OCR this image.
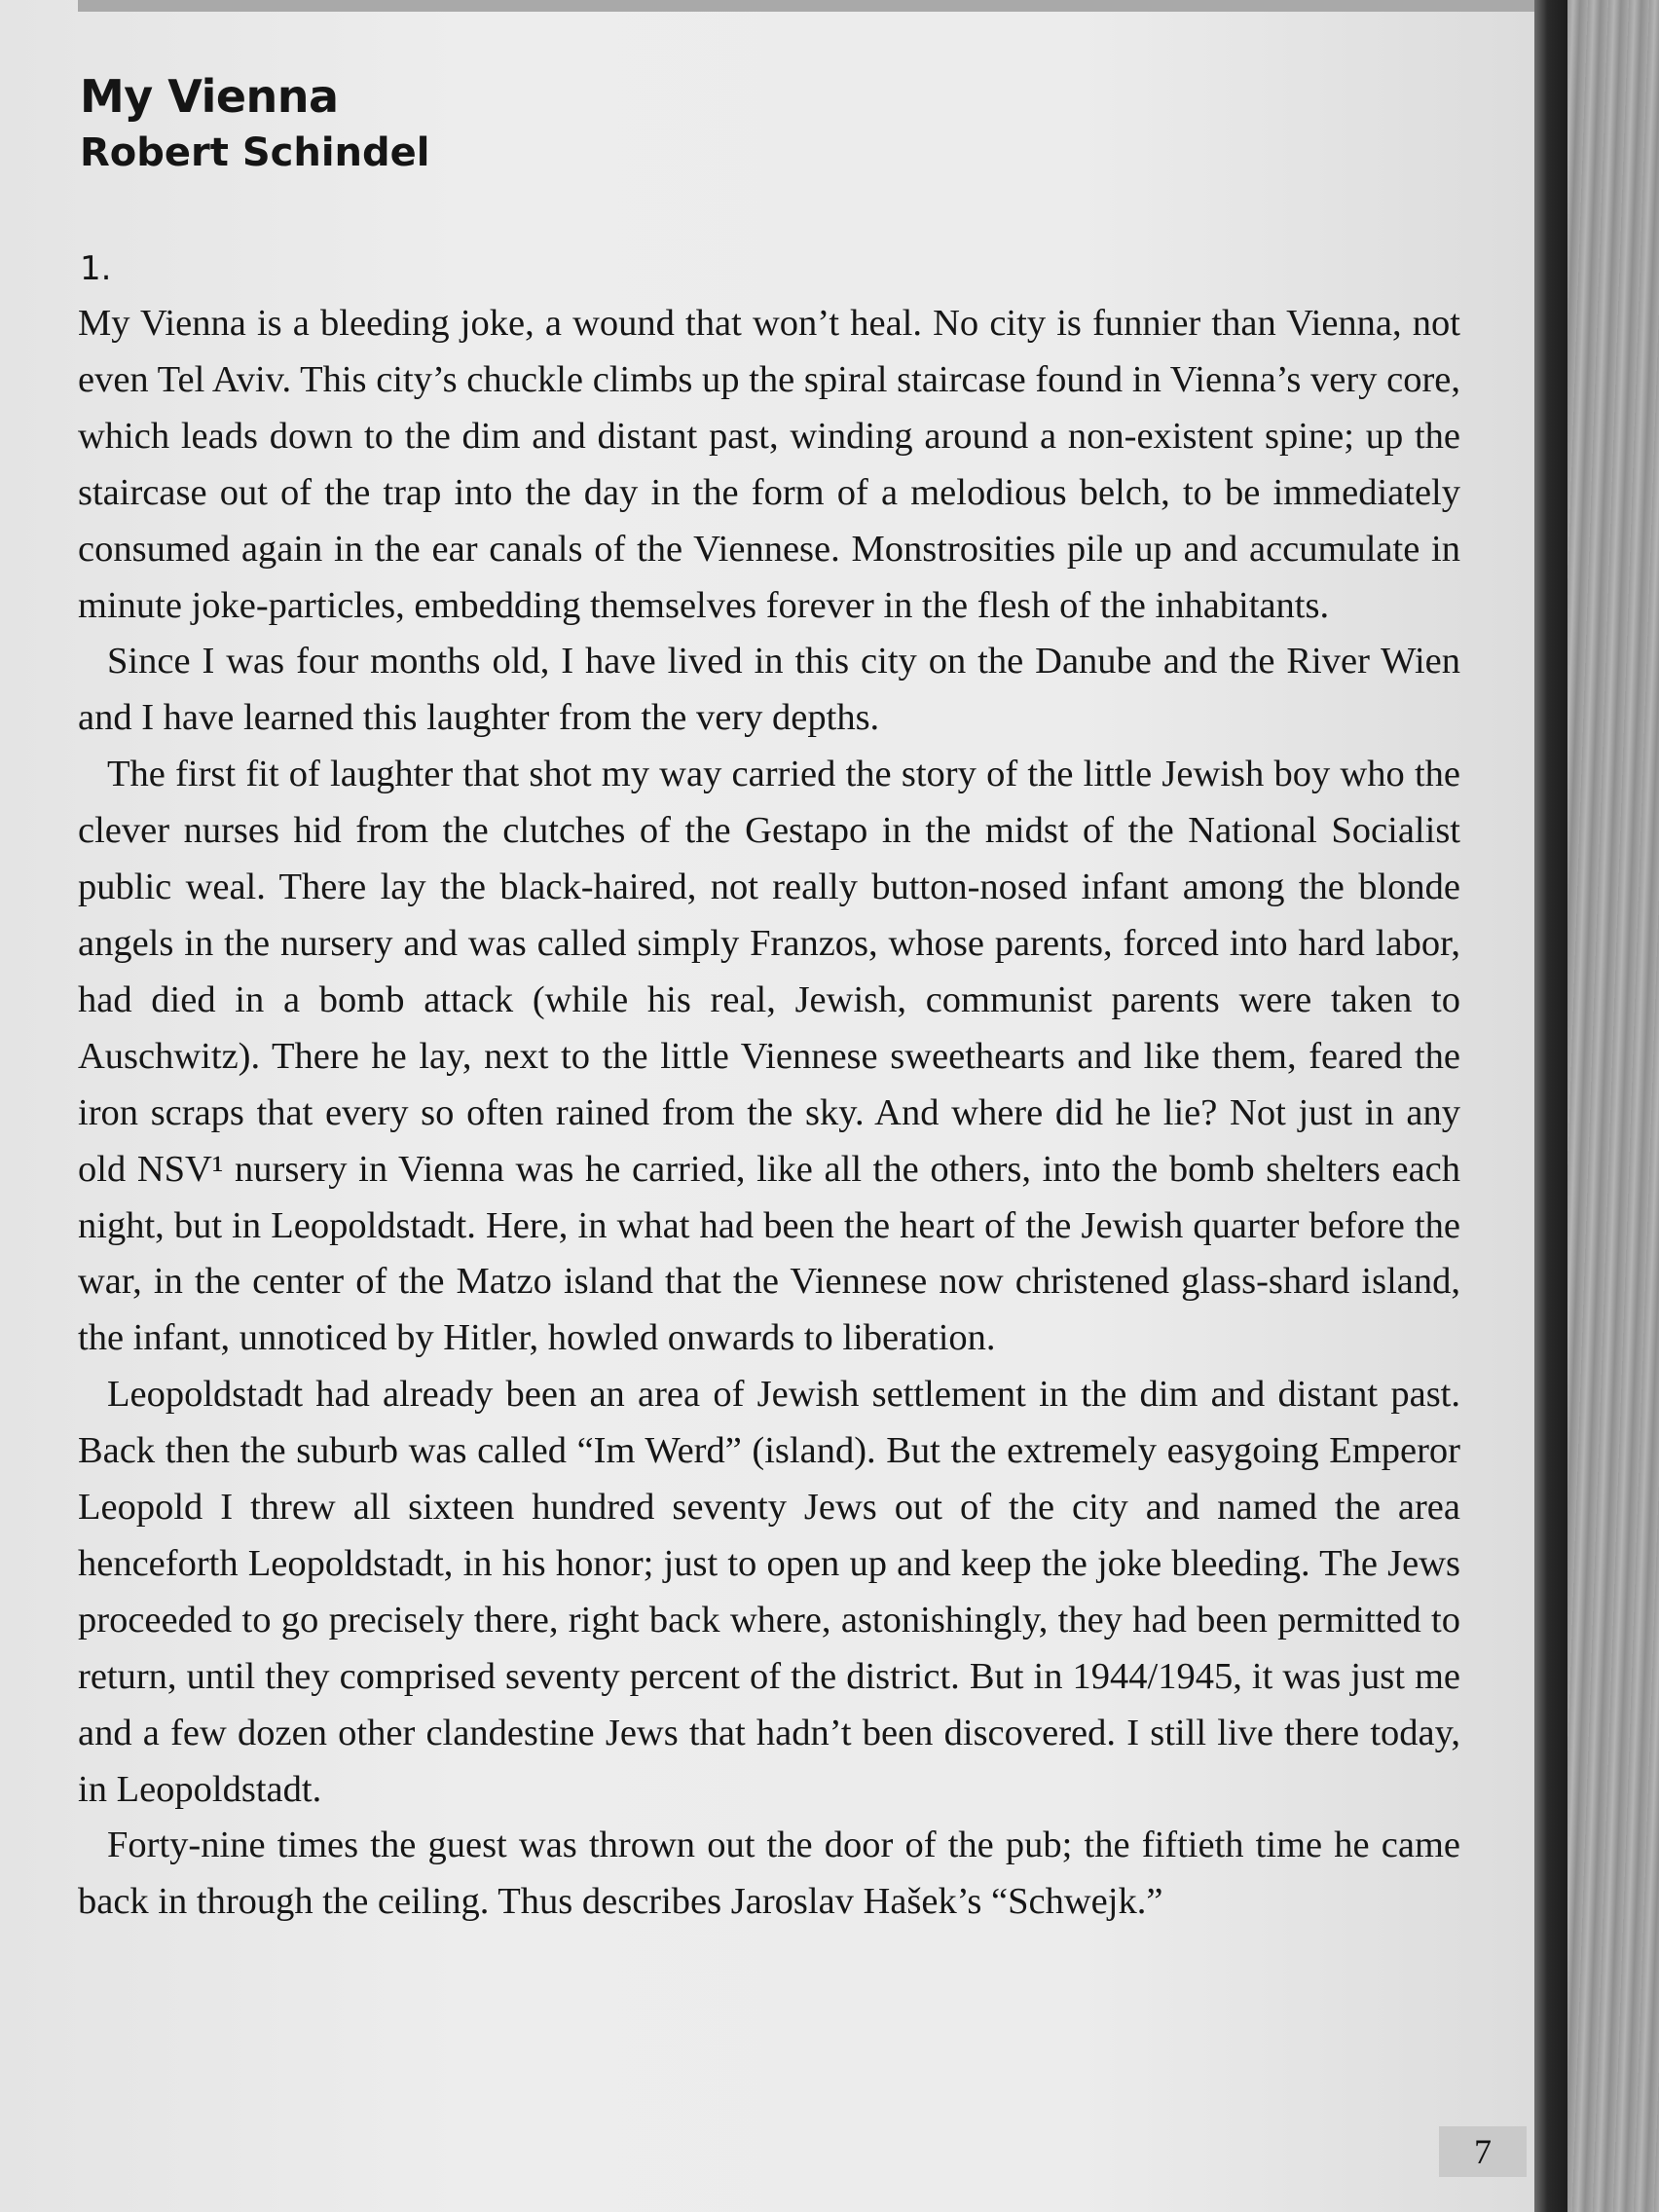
My Vienna
Robert Schindel
1.

My Vienna is a bleeding joke, a wound that won’t heal. No city is funnier than Vienna, not even Tel Aviv. This city’s chuckle climbs up the spiral staircase found in Vienna’s very core, which leads down to the dim and distant past, winding around a non-existent spine; up the staircase out of the trap into the day in the form of a melodious belch, to be immediately consumed again in the ear canals of the Viennese. Monstrosities pile up and accumulate in minute joke-particles, embedding themselves forever in the flesh of the inhabitants.

Since I was four months old, I have lived in this city on the Danube and the River Wien and I have learned this laughter from the very depths.

The first fit of laughter that shot my way carried the story of the little Jewish boy who the clever nurses hid from the clutches of the Gestapo in the midst of the National Socialist public weal. There lay the black-haired, not really button-nosed infant among the blonde angels in the nursery and was called simply Franzos, whose parents, forced into hard labor, had died in a bomb attack (while his real, Jewish, communist parents were taken to Auschwitz). There he lay, next to the little Viennese sweethearts and like them, feared the iron scraps that every so often rained from the sky. And where did he lie? Not just in any old NSV¹ nursery in Vienna was he carried, like all the others, into the bomb shelters each night, but in Leopoldstadt. Here, in what had been the heart of the Jewish quarter before the war, in the center of the Matzo island that the Viennese now christened glass-shard island, the infant, unnoticed by Hitler, howled onwards to liberation.

Leopoldstadt had already been an area of Jewish settlement in the dim and distant past. Back then the suburb was called “Im Werd” (island). But the extremely easygoing Emperor Leopold I threw all sixteen hundred seventy Jews out of the city and named the area henceforth Leopoldstadt, in his honor; just to open up and keep the joke bleeding. The Jews proceeded to go precisely there, right back where, astonishingly, they had been permitted to return, until they comprised seventy percent of the district. But in 1944/1945, it was just me and a few dozen other clandestine Jews that hadn’t been discovered. I still live there today, in Leopoldstadt.

Forty-nine times the guest was thrown out the door of the pub; the fiftieth time he came back in through the ceiling. Thus describes Jaroslav Hašek’s “Schwejk.”

7
